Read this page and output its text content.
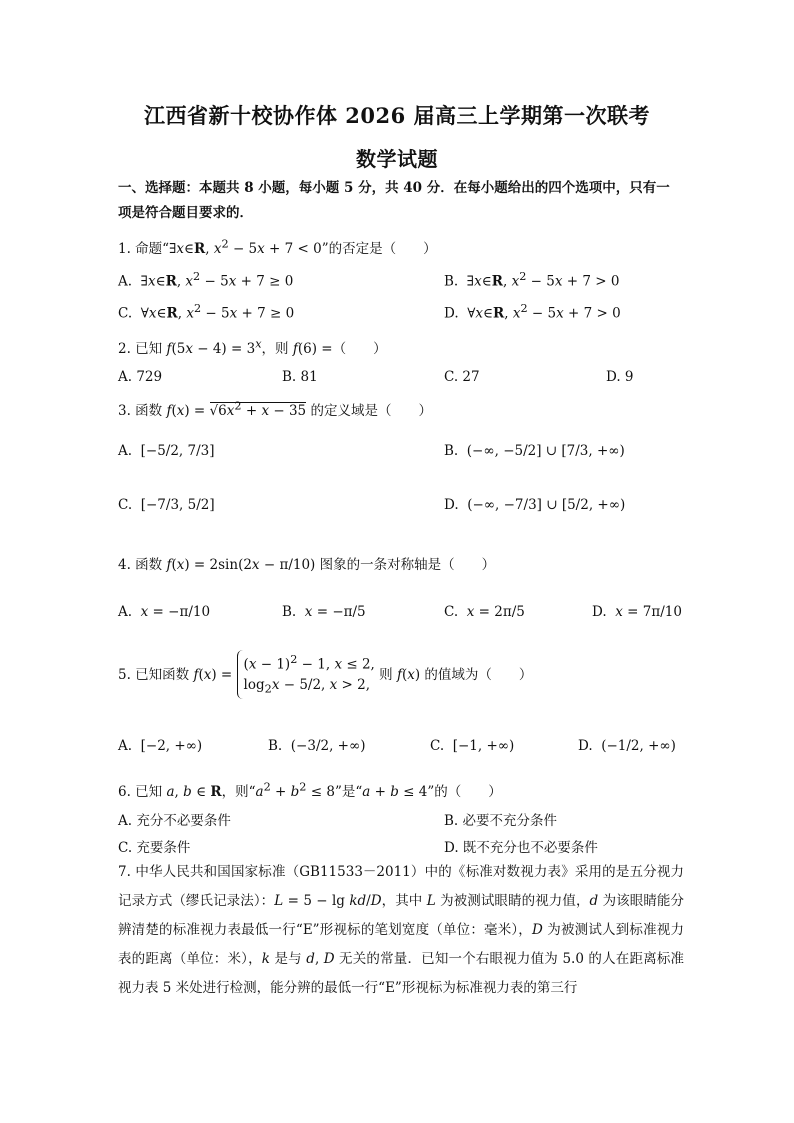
江西省新十校协作体 2026 届高三上学期第一次联考
数学试题
一、选择题：本题共 8 小题，每小题 5 分，共 40 分．在每小题给出的四个选项中，只有一项是符合题目要求的．
1. 命题“∃x∈R, $x^2 - 5x + 7 < 0$”的否定是（　　）
A.  ∃x∈R, $x^2 - 5x + 7 \ge 0$	B.  ∃x∈R, $x^2 - 5x + 7 > 0$
C.  ∀x∈R, $x^2 - 5x + 7 \ge 0$	D.  ∀x∈R, $x^2 - 5x + 7 > 0$
2. 已知 $f(5x - 4) = 3^x$，则 f(6) =（　　）
A. 729	B. 81	C. 27	D. 9
3. 函数 $f(x) = √6x^2 + x - 35$ 的定义域是（　　）
A.  [−5/2, 7/3]	B.  (−∞, −5/2] ∪ [7/3, +∞)
C.  [−7/3, 5/2]	D.  (−∞, −7/3] ∪ [5/2, +∞)
4. 函数 f(x) = 2sin(2x − π/10) 图象的一条对称轴是（　　）
A.  x = −π/10	B.  x = −π/5	C.  x = 2π/5	D.  x = 7π/10
5. 已知函数 $f(x) = (x - 1)^2 - 1$, x ≤ 2,
$\log_2x - 5/2$, x > 2, 则 f(x) 的值域为（　　）
A.  [−2, +∞)	B.  (−3/2, +∞)	C.  [−1, +∞)	D.  (−1/2, +∞)
6. 已知 a, b ∈ R，则“$a^2 + b^2 \le 8$”是“a + b ≤ 4”的（　　）
A. 充分不必要条件	B. 必要不充分条件
C. 充要条件	D. 既不充分也不必要条件
7. 中华人民共和国国家标准（GB11533－2011）中的《标准对数视力表》采用的是五分视力记录方式（缪氏记录法）：L = 5 − lg kd/D，其中 L 为被测试眼睛的视力值，d 为该眼睛能分辨清楚的标准视力表最低一行“E”形视标的笔划宽度（单位：毫米），D 为被测试人到标准视力表的距离（单位：米），k 是与 d, D 无关的常量．已知一个右眼视力值为 5.0 的人在距离标准视力表 5 米处进行检测，能分辨的最低一行“E”形视标为标准视力表的第三行
